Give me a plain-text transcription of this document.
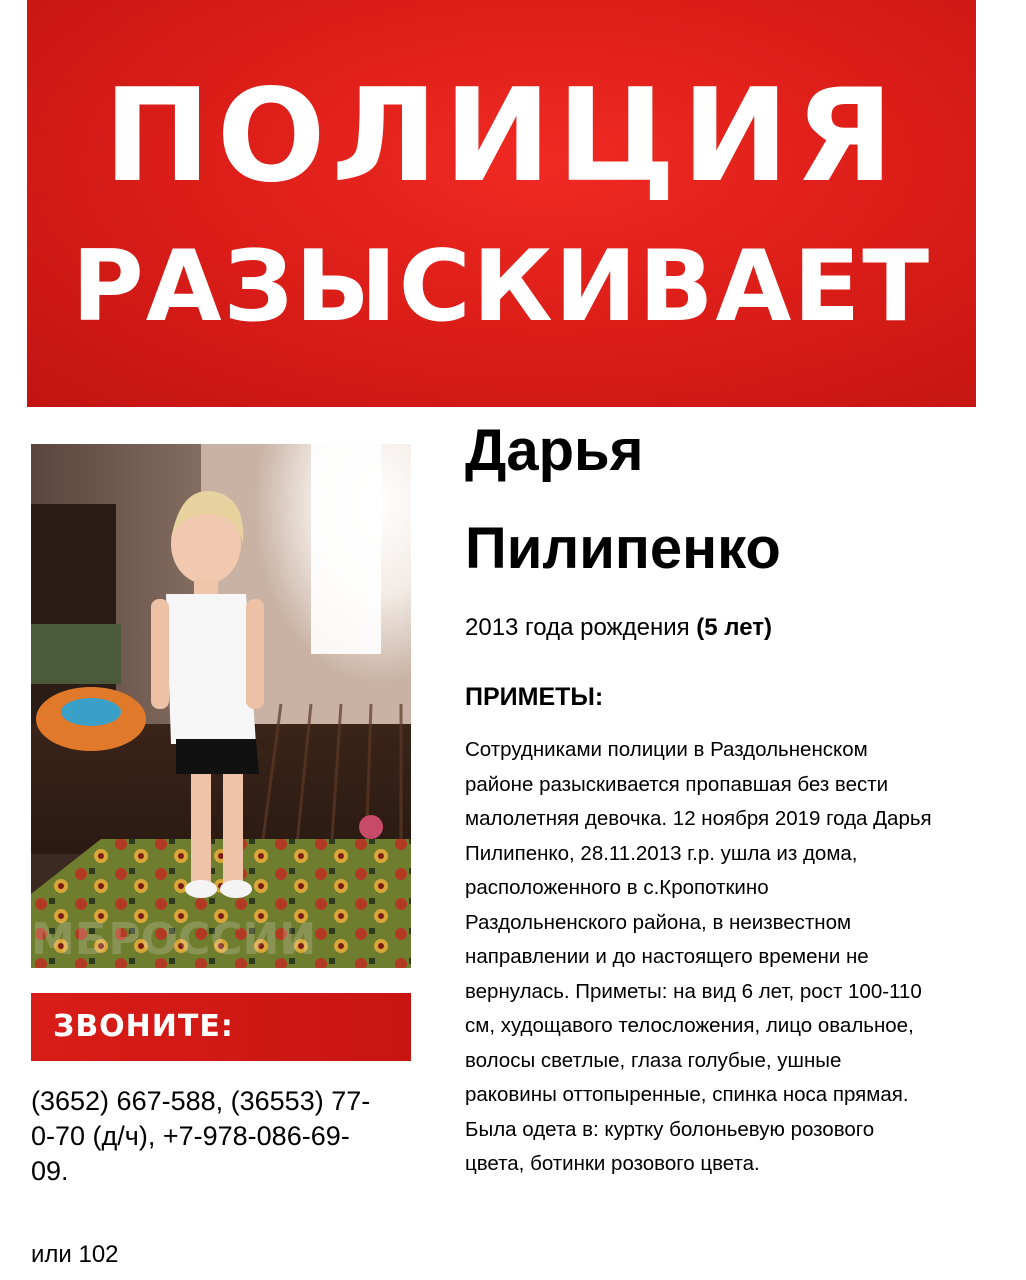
ПОЛИЦИЯ
РАЗЫСКИВАЕТ
МБРОССИИ
ЗВОНИТЕ:
(3652) 667-588, (36553) 77-
0-70 (д/ч), +7-978-086-69-
09.
или 102
Дарья
Пилипенко
2013 года рождения (5 лет)
ПРИМЕТЫ:
Сотрудниками полиции в Раздольненском
районе разыскивается пропавшая без вести
малолетняя девочка. 12 ноября 2019 года Дарья
Пилипенко, 28.11.2013 г.р. ушла из дома,
расположенного в с.Кропоткино
Раздольненского района, в неизвестном
направлении и до настоящего времени не
вернулась. Приметы: на вид 6 лет, рост 100-110
см, худощавого телосложения, лицо овальное,
волосы светлые, глаза голубые, ушные
раковины оттопыренные, спинка носа прямая.
Была одета в: куртку болоньевую розового
цвета, ботинки розового цвета.
